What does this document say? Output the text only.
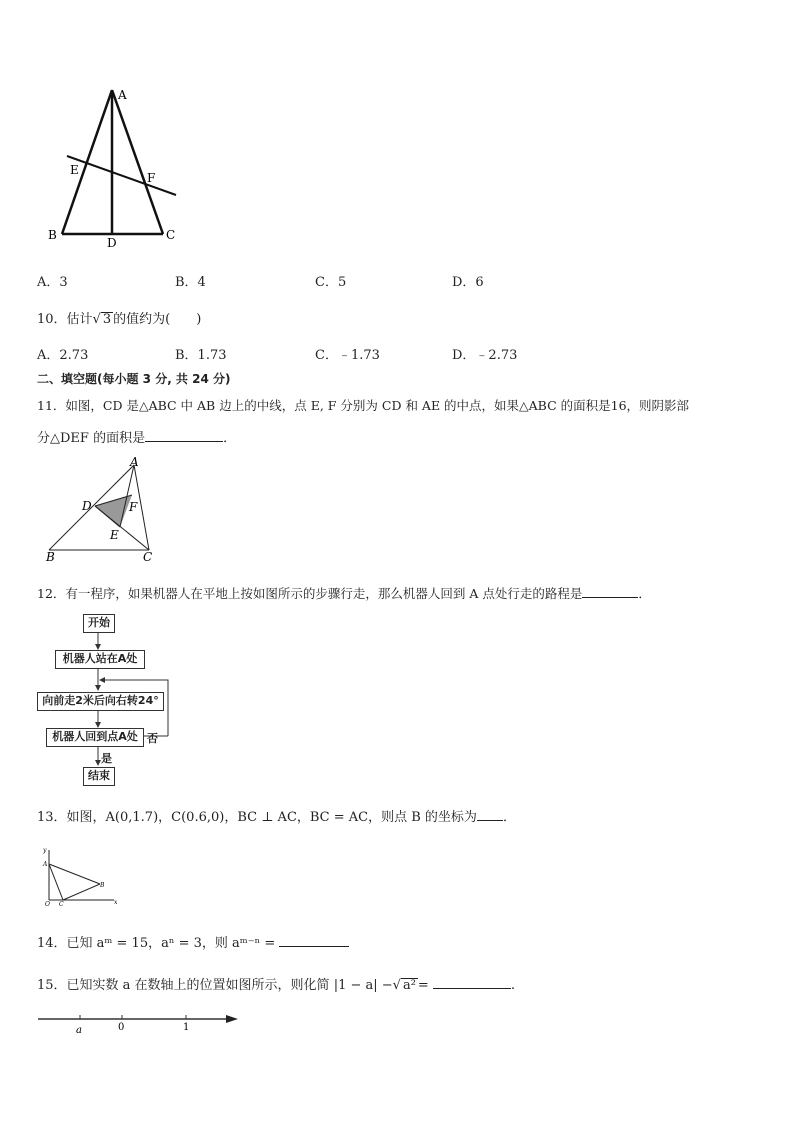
A
B	C
D
E
F
A．3	B．4	C．5	D．6
10．估计√ 3 的值约为(　　)
A．2.73	B．1.73	C．﹣1.73	D．﹣2.73
二、填空题(每小题 3 分, 共 24 分)
11．如图，CD 是△ABC 中 AB 边上的中线，点 E, F 分别为 CD 和 AE 的中点，如果△ABC 的面积是16，则阴影部
分△DEF 的面积是	．
A
B	C
D
E
F
12．有一程序，如果机器人在平地上按如图所示的步骤行走，那么机器人回到 A 点处行走的路程是	．
开始
机器人站在A处
向前走2米后向右转24°
机器人回到点A处 否
是
结束
13．如图，A(0,1.7)，C(0.6,0)，BC ⊥ AC，BC = AC，则点 B 的坐标为 ．
y
x
A
B
C
O
14．已知 aᵐ = 15，aⁿ = 3，则 aᵐ⁻ⁿ =
15．已知实数 a 在数轴上的位置如图所示，则化简 |1 − a| −√ a² =	.
a	0	1
